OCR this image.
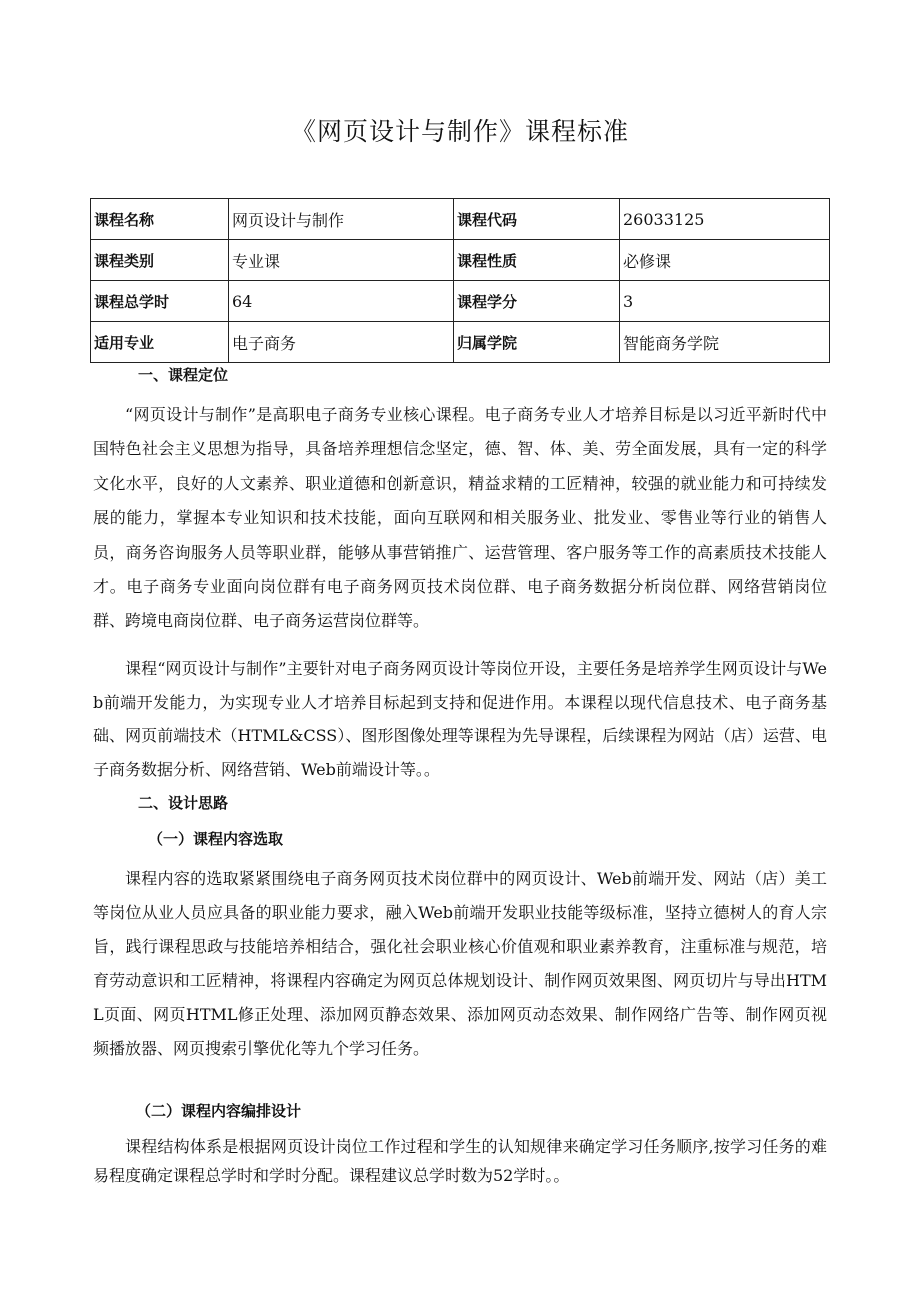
《网页设计与制作》课程标准
课程名称	网页设计与制作	课程代码	26033125
课程类别	专业课	课程性质	必修课
课程总学时	64	课程学分	3
适用专业	电子商务	归属学院	智能商务学院
一、课程定位

“网页设计与制作”是高职电子商务专业核心课程。电子商务专业人才培养目标是以习近平新时代中国特色社会主义思想为指导，具备培养理想信念坚定，德、智、体、美、劳全面发展，具有一定的科学文化水平，良好的人文素养、职业道德和创新意识，精益求精的工匠精神，较强的就业能力和可持续发展的能力，掌握本专业知识和技术技能，面向互联网和相关服务业、批发业、零售业等行业的销售人员，商务咨询服务人员等职业群，能够从事营销推广、运营管理、客户服务等工作的高素质技术技能人才。电子商务专业面向岗位群有电子商务网页技术岗位群、电子商务数据分析岗位群、网络营销岗位群、跨境电商岗位群、电子商务运营岗位群等。

课程“网页设计与制作”主要针对电子商务网页设计等岗位开设，主要任务是培养学生网页设计与Web前端开发能力，为实现专业人才培养目标起到支持和促进作用。本课程以现代信息技术、电子商务基础、网页前端技术（HTML&CSS）、图形图像处理等课程为先导课程，后续课程为网站（店）运营、电子商务数据分析、网络营销、Web前端设计等。。

二、设计思路
（一）课程内容选取

课程内容的选取紧紧围绕电子商务网页技术岗位群中的网页设计、Web前端开发、网站（店）美工等岗位从业人员应具备的职业能力要求，融入Web前端开发职业技能等级标准，坚持立德树人的育人宗旨，践行课程思政与技能培养相结合，强化社会职业核心价值观和职业素养教育，注重标准与规范，培育劳动意识和工匠精神，将课程内容确定为网页总体规划设计、制作网页效果图、网页切片与导出HTML页面、网页HTML修正处理、添加网页静态效果、添加网页动态效果、制作网络广告等、制作网页视频播放器、网页搜索引擎优化等九个学习任务。

（二）课程内容编排设计

课程结构体系是根据网页设计岗位工作过程和学生的认知规律来确定学习任务顺序,按学习任务的难易程度确定课程总学时和学时分配。课程建议总学时数为52学时。。
